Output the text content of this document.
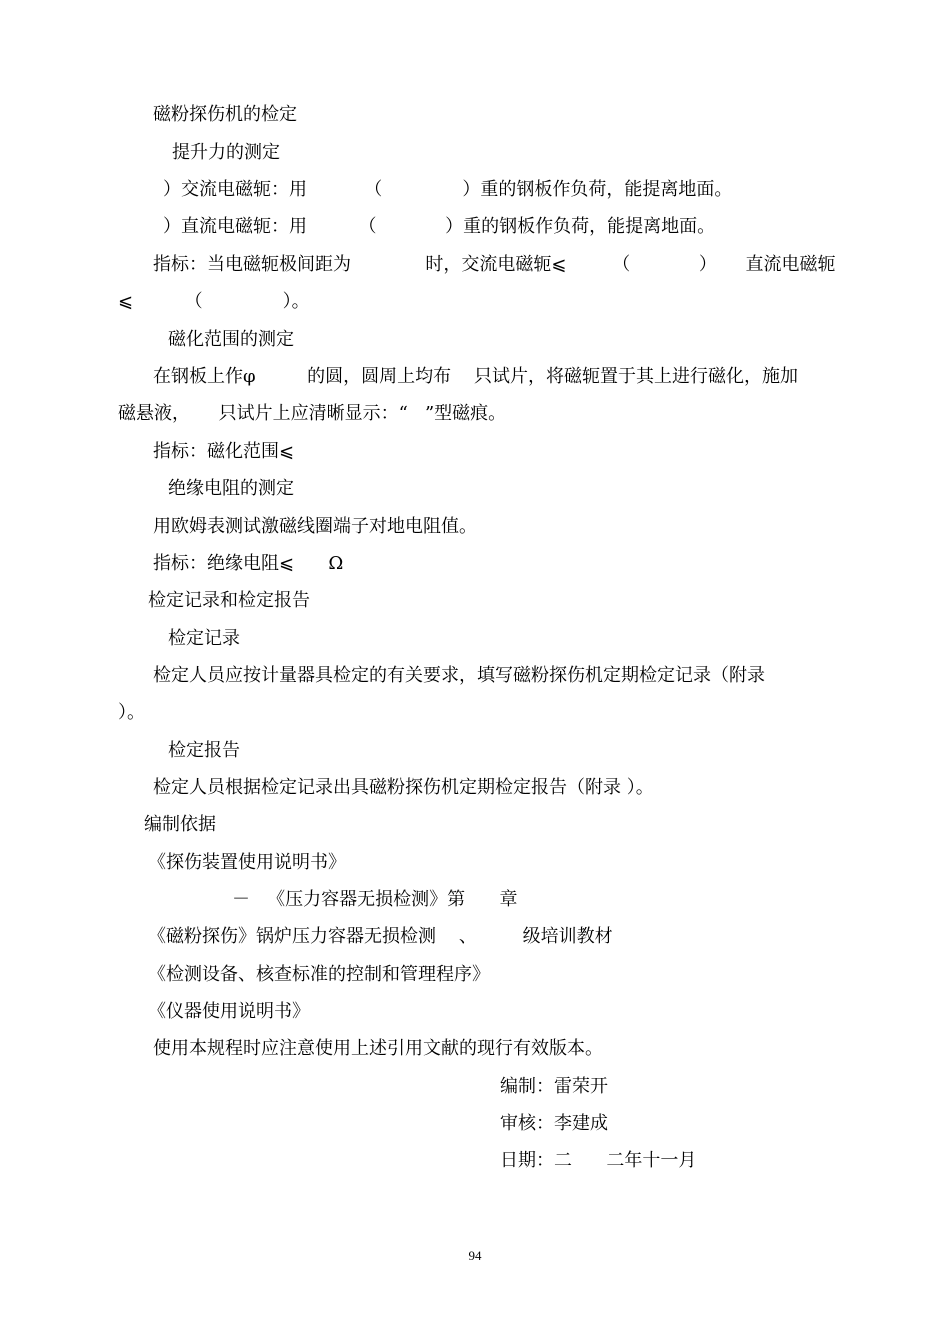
磁粉探伤机的检定
提升力的测定
）交流电磁轭：用          （              ）重的钢板作负荷，能提离地面。
）直流电磁轭：用         （            ）重的钢板作负荷，能提离地面。
指标：当电磁轭极间距为             时，交流电磁轭⩽        （            ）     直流电磁轭
⩽         （              ）。
磁化范围的测定
在钢板上作φ         的圆，圆周上均布    只试片，将磁轭置于其上进行磁化，施加
磁悬液，     只试片上应清晰显示：“   ”型磁痕。
指标：磁化范围⩽
绝缘电阻的测定
用欧姆表测试激磁线圈端子对地电阻值。
指标：绝缘电阻⩽      Ω
检定记录和检定报告
检定记录
检定人员应按计量器具检定的有关要求，填写磁粉探伤机定期检定记录（附录
）。
检定报告
检定人员根据检定记录出具磁粉探伤机定期检定报告（附录 ）。
编制依据
《探伤装置使用说明书》
－   《压力容器无损检测》第      章
《磁粉探伤》锅炉压力容器无损检测    、        级培训教材
《检测设备、核查标准的控制和管理程序》
《仪器使用说明书》
使用本规程时应注意使用上述引用文献的现行有效版本。
编制：雷荣开
审核：李建成
日期：二      二年十一月
94
